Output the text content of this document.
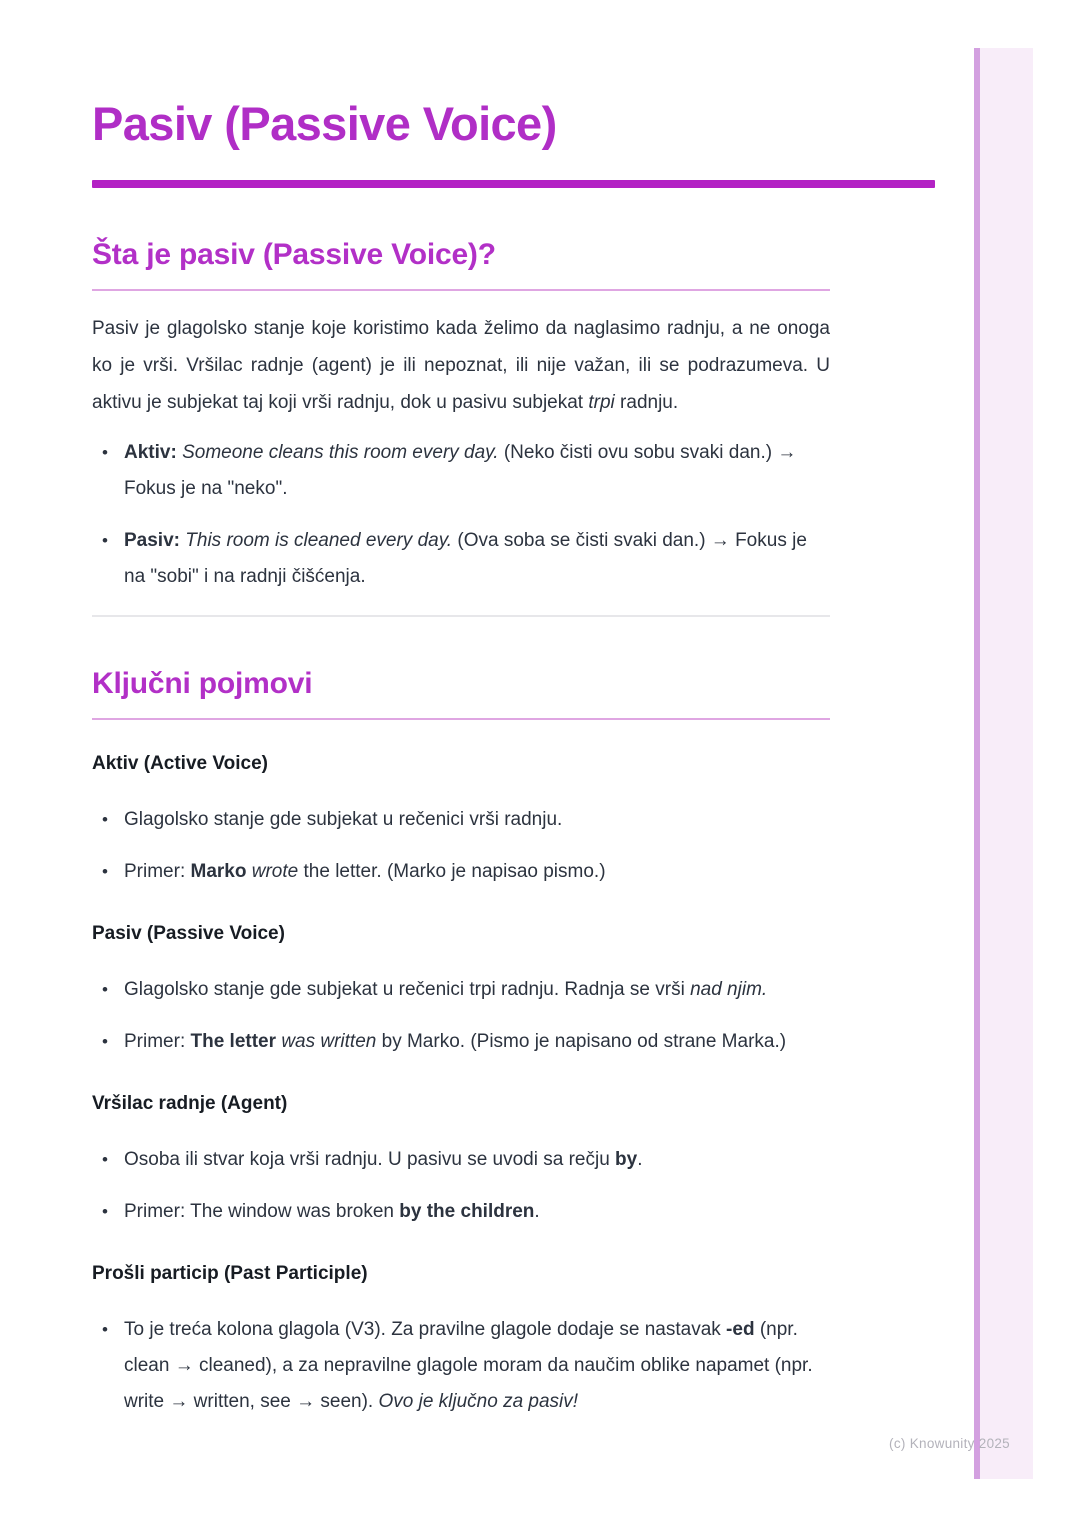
(c) Knowunity 2025
Pasiv (Passive Voice)
Šta je pasiv (Passive Voice)?

Pasiv je glagolsko stanje koje koristimo kada želimo da naglasimo radnju, a ne onoga ko je vrši. Vršilac radnje (agent) je ili nepoznat, ili nije važan, ili se podrazumeva. U aktivu je subjekat taj koji vrši radnju, dok u pasivu subjekat trpi radnju.

• Aktiv: Someone cleans this room every day. (Neko čisti ovu sobu svaki dan.) → Fokus je na "neko".
• Pasiv: This room is cleaned every day. (Ova soba se čisti svaki dan.) → Fokus je na "sobi" i na radnji čišćenja.
Ključni pojmovi
Aktiv (Active Voice)
• Glagolsko stanje gde subjekat u rečenici vrši radnju.
• Primer: Marko wrote the letter. (Marko je napisao pismo.)
Pasiv (Passive Voice)
• Glagolsko stanje gde subjekat u rečenici trpi radnju. Radnja se vrši nad njim.
• Primer: The letter was written by Marko. (Pismo je napisano od strane Marka.)
Vršilac radnje (Agent)
• Osoba ili stvar koja vrši radnju. U pasivu se uvodi sa rečju by.
• Primer: The window was broken by the children.
Prošli particip (Past Participle)
• To je treća kolona glagola (V3). Za pravilne glagole dodaje se nastavak -ed (npr. clean → cleaned), a za nepravilne glagole moram da naučim oblike napamet (npr. write → written, see → seen). Ovo je ključno za pasiv!
